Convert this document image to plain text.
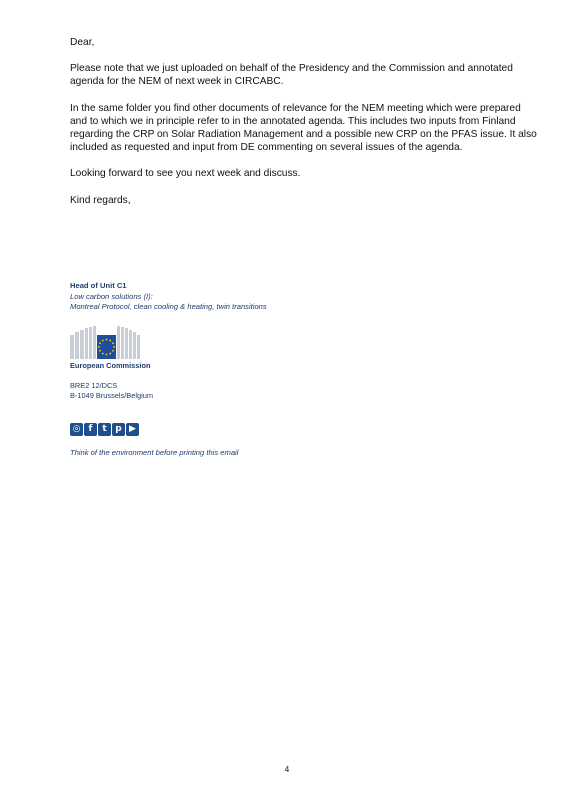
Dear,

Please note that we just uploaded on behalf of the Presidency and the Commission and annotated agenda for the NEM of next week in CIRCABC.

In the same folder you find other documents of relevance for the NEM meeting which were prepared and to which we in principle refer to in the annotated agenda. This includes two inputs from Finland regarding the CRP on Solar Radiation Management and a possible new CRP on the PFAS issue. It also included as requested and input from DE commenting on several issues of the agenda.

Looking forward to see you next week and discuss.

Kind regards,

Head of Unit C1
Low carbon solutions (I):
Montreal Protocol, clean cooling & heating, twin transitions
European Commission
BRE2 12/DCS
B-1049 Brussels/Belgium
◎ f	t p ▶
Think of the environment before printing this email
4
